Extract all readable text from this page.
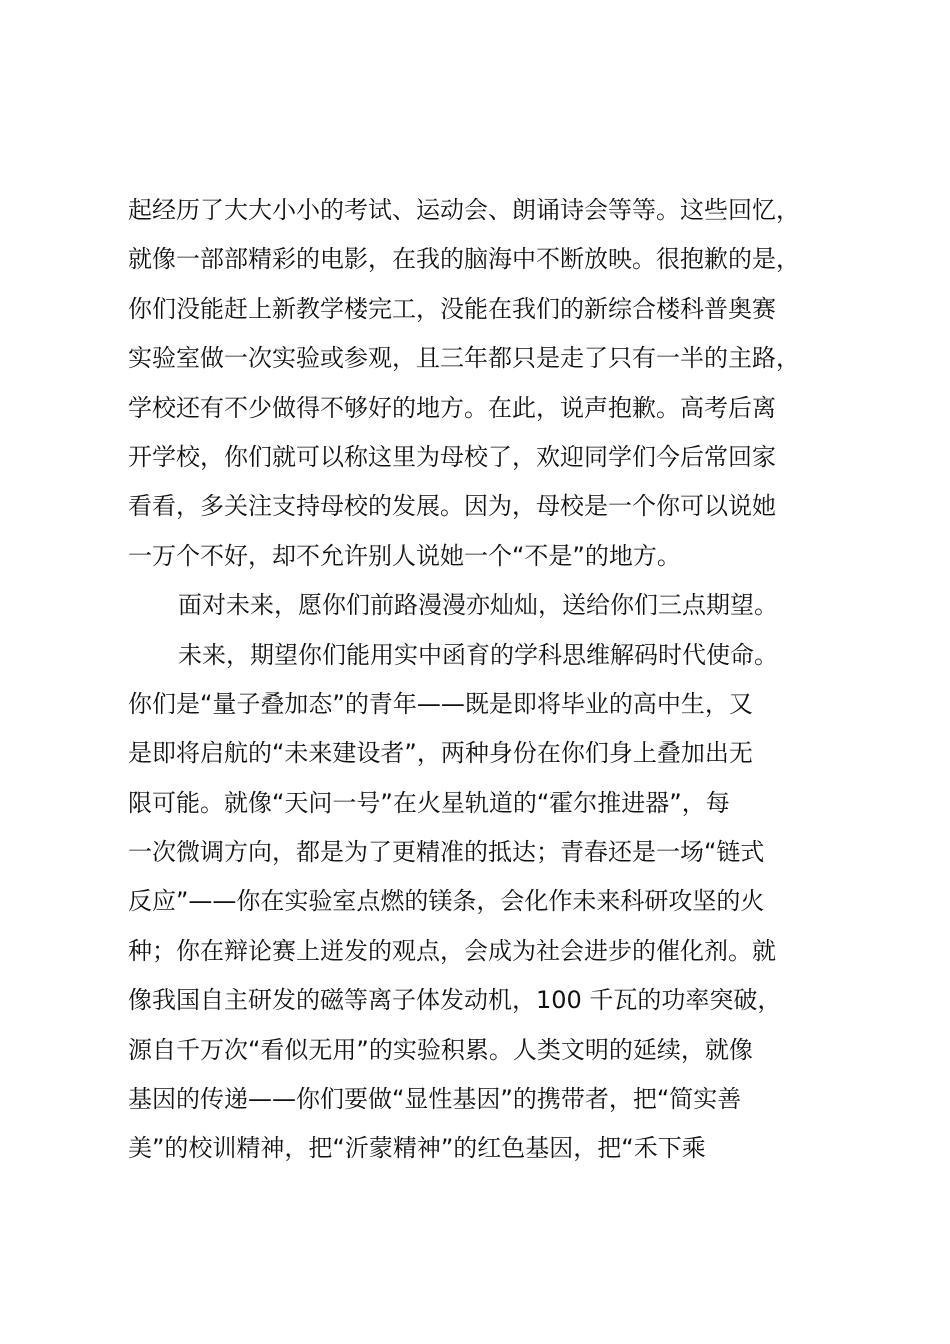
起经历了大大小小的考试、运动会、朗诵诗会等等。这些回忆，
就像一部部精彩的电影，在我的脑海中不断放映。很抱歉的是，
你们没能赶上新教学楼完工，没能在我们的新综合楼科普奥赛
实验室做一次实验或参观，且三年都只是走了只有一半的主路，
学校还有不少做得不够好的地方。在此，说声抱歉。高考后离
开学校，你们就可以称这里为母校了，欢迎同学们今后常回家
看看，多关注支持母校的发展。因为，母校是一个你可以说她
一万个不好，却不允许别人说她一个“不是”的地方。
面对未来，愿你们前路漫漫亦灿灿，送给你们三点期望。
未来，期望你们能用实中函育的学科思维解码时代使命。
你们是“量子叠加态”的青年——既是即将毕业的高中生，又
是即将启航的“未来建设者”，两种身份在你们身上叠加出无
限可能。就像“天问一号”在火星轨道的“霍尔推进器”，每
一次微调方向，都是为了更精准的抵达；青春还是一场“链式
反应”——你在实验室点燃的镁条，会化作未来科研攻坚的火
种；你在辩论赛上迸发的观点，会成为社会进步的催化剂。就
像我国自主研发的磁等离子体发动机，100 千瓦的功率突破，
源自千万次“看似无用”的实验积累。人类文明的延续，就像
基因的传递——你们要做“显性基因”的携带者，把“简实善
美”的校训精神，把“沂蒙精神”的红色基因，把“禾下乘
